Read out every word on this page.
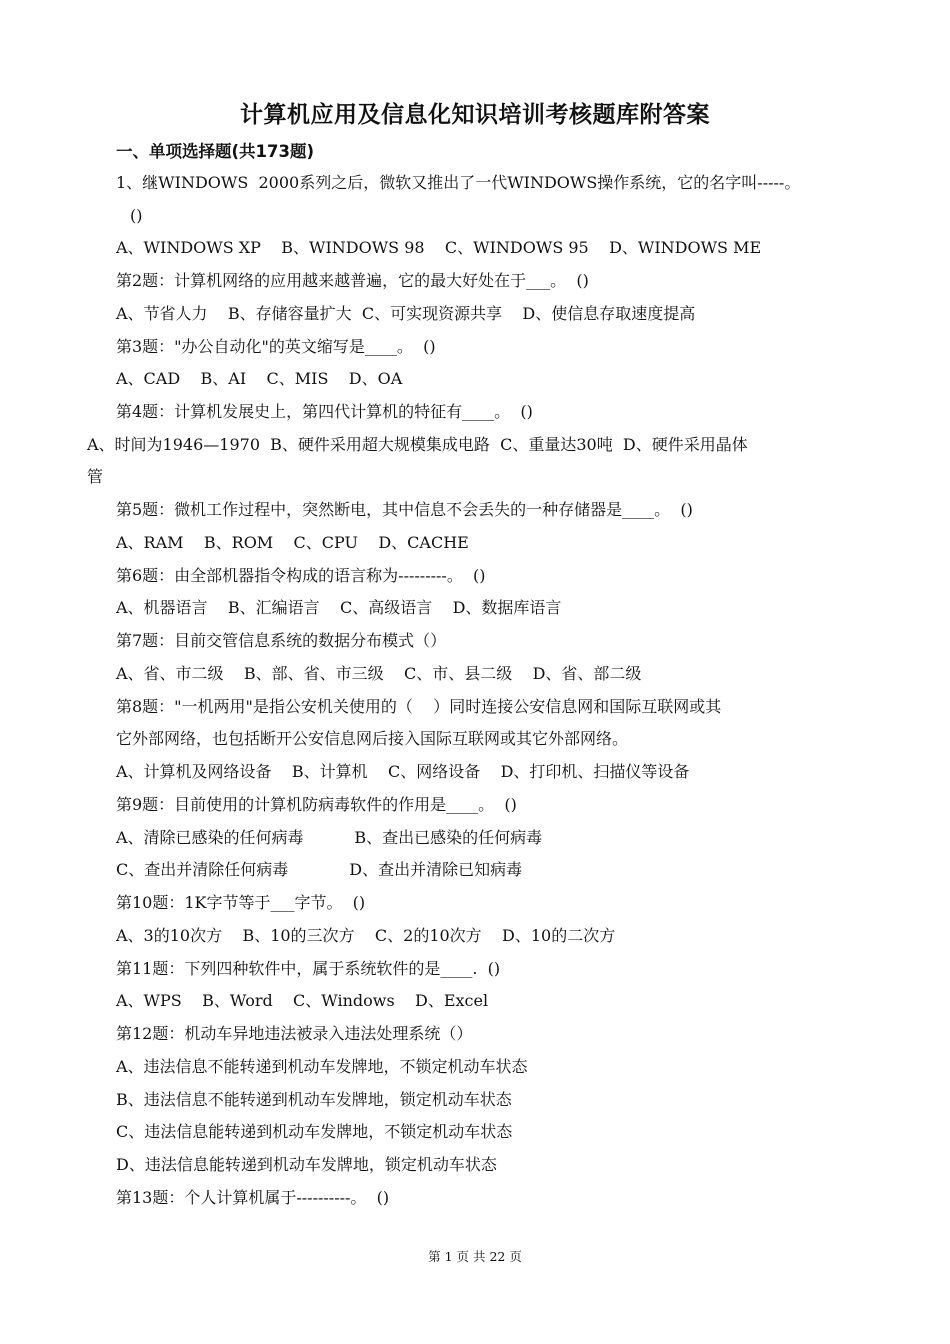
计算机应用及信息化知识培训考核题库附答案
一、单项选择题(共173题)
1、继WINDOWS  2000系列之后，微软又推出了一代WINDOWS操作系统，它的名字叫-----。
()
A、WINDOWS XP    B、WINDOWS 98    C、WINDOWS 95    D、WINDOWS ME
第2题：计算机网络的应用越来越普遍，它的最大好处在于___。  ()
A、节省人力    B、存储容量扩大  C、可实现资源共享    D、使信息存取速度提高
第3题："办公自动化"的英文缩写是____。  ()
A、CAD    B、AI    C、MIS    D、OA
第4题：计算机发展史上，第四代计算机的特征有____。  ()
A、时间为1946—1970  B、硬件采用超大规模集成电路  C、重量达30吨  D、硬件采用晶体
管
第5题：微机工作过程中，突然断电，其中信息不会丢失的一种存储器是____。  ()
A、RAM    B、ROM    C、CPU    D、CACHE
第6题：由全部机器指令构成的语言称为---------。  ()
A、机器语言    B、汇编语言    C、高级语言    D、数据库语言
第7题：目前交管信息系统的数据分布模式（）
A、省、市二级    B、部、省、市三级    C、市、县二级    D、省、部二级
第8题："一机两用"是指公安机关使用的（    ）同时连接公安信息网和国际互联网或其
它外部网络，也包括断开公安信息网后接入国际互联网或其它外部网络。
A、计算机及网络设备    B、计算机    C、网络设备    D、打印机、扫描仪等设备
第9题：目前使用的计算机防病毒软件的作用是____。  ()
A、清除已感染的任何病毒          B、查出已感染的任何病毒
C、查出并清除任何病毒            D、查出并清除已知病毒
第10题：1K字节等于___字节。  ()
A、3的10次方    B、10的三次方    C、2的10次方    D、10的二次方
第11题：下列四种软件中，属于系统软件的是____.  ()
A、WPS    B、Word    C、Windows    D、Excel
第12题：机动车异地违法被录入违法处理系统（）
A、违法信息不能转递到机动车发牌地，不锁定机动车状态
B、违法信息不能转递到机动车发牌地，锁定机动车状态
C、违法信息能转递到机动车发牌地，不锁定机动车状态
D、违法信息能转递到机动车发牌地，锁定机动车状态
第13题：个人计算机属于----------。  ()
第 1 页 共 22 页
